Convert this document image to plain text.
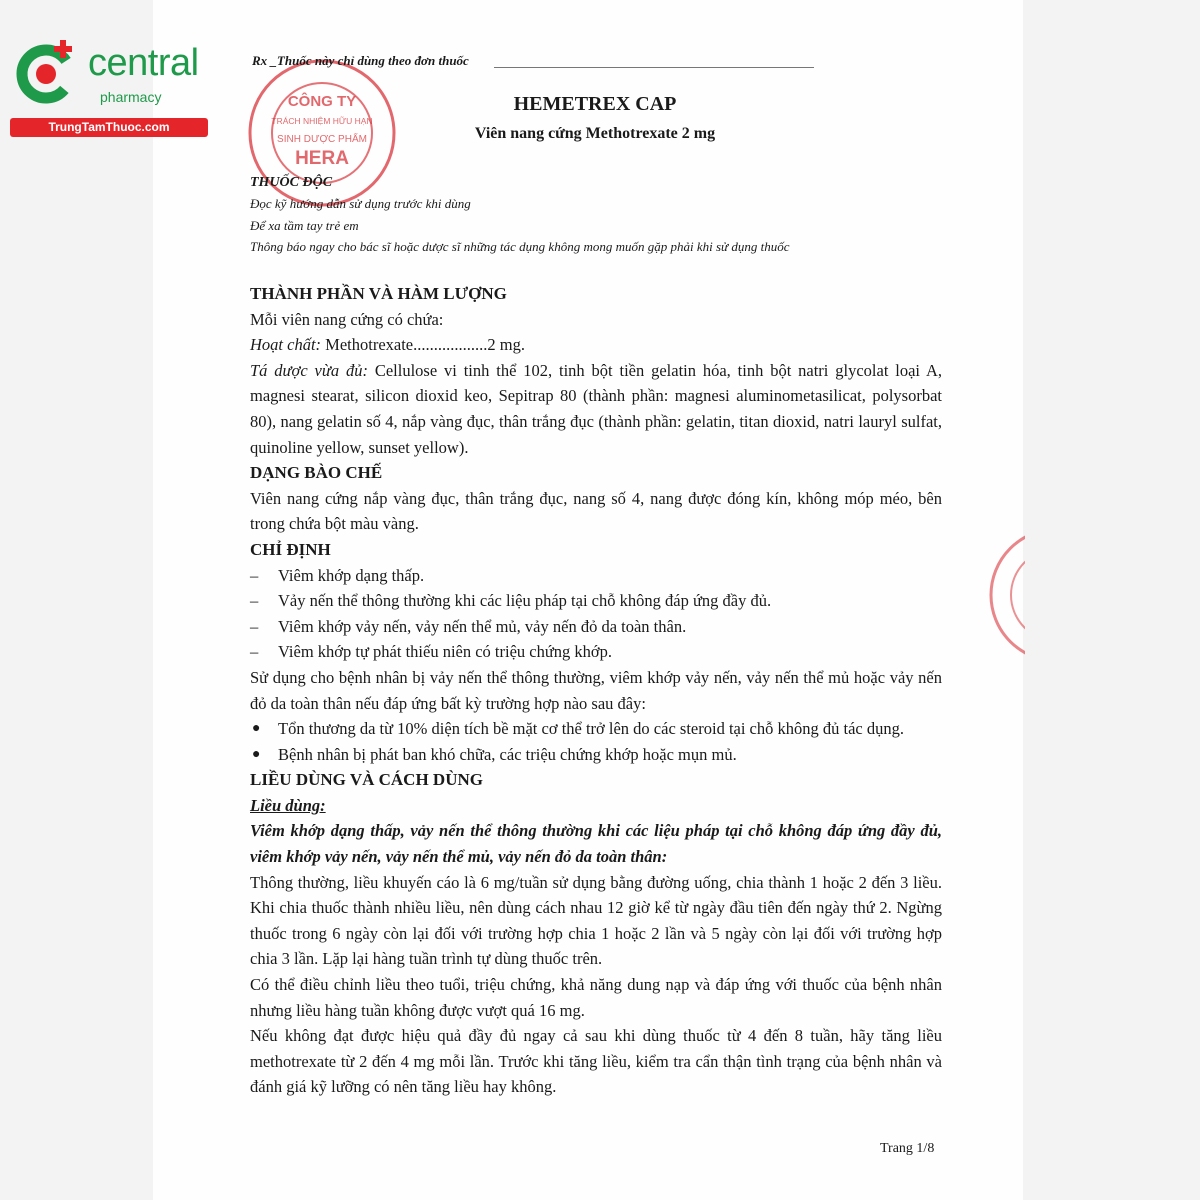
central
pharmacy
TrungTamThuoc.com
CÔNG TY
TRÁCH NHIỆM HỮU HẠN
SINH DƯỢC PHẨM
HERA
Rx _Thuốc này chỉ dùng theo đơn thuốc
HEMETREX CAP
Viên nang cứng Methotrexate 2 mg
THUỐC ĐỘC
Đọc kỹ hướng dẫn sử dụng trước khi dùng
Để xa tầm tay trẻ em
Thông báo ngay cho bác sĩ hoặc dược sĩ những tác dụng không mong muốn gặp phải khi sử dụng thuốc

THÀNH PHẦN VÀ HÀM LƯỢNG

Mỗi viên nang cứng có chứa:

Hoạt chất: Methotrexate..................2 mg.

Tá dược vừa đủ: Cellulose vi tinh thể 102, tinh bột tiền gelatin hóa, tinh bột natri glycolat loại A, magnesi stearat, silicon dioxid keo, Sepitrap 80 (thành phần: magnesi aluminometasilicat, polysorbat 80), nang gelatin số 4, nắp vàng đục, thân trắng đục (thành phần: gelatin, titan dioxid, natri lauryl sulfat, quinoline yellow, sunset yellow).

DẠNG BÀO CHẾ

Viên nang cứng nắp vàng đục, thân trắng đục, nang số 4, nang được đóng kín, không móp méo, bên trong chứa bột màu vàng.

CHỈ ĐỊNH

– Viêm khớp dạng thấp.

– Vảy nến thể thông thường khi các liệu pháp tại chỗ không đáp ứng đầy đủ.

– Viêm khớp vảy nến, vảy nến thể mủ, vảy nến đỏ da toàn thân.

– Viêm khớp tự phát thiếu niên có triệu chứng khớp.

Sử dụng cho bệnh nhân bị vảy nến thể thông thường, viêm khớp vảy nến, vảy nến thể mủ hoặc vảy nến đỏ da toàn thân nếu đáp ứng bất kỳ trường hợp nào sau đây:

● Tổn thương da từ 10% diện tích bề mặt cơ thể trở lên do các steroid tại chỗ không đủ tác dụng.

● Bệnh nhân bị phát ban khó chữa, các triệu chứng khớp hoặc mụn mủ.

LIỀU DÙNG VÀ CÁCH DÙNG

Liều dùng:

Viêm khớp dạng thấp, vảy nến thể thông thường khi các liệu pháp tại chỗ không đáp ứng đầy đủ, viêm khớp vảy nến, vảy nến thể mủ, vảy nến đỏ da toàn thân:

Thông thường, liều khuyến cáo là 6 mg/tuần sử dụng bằng đường uống, chia thành 1 hoặc 2 đến 3 liều. Khi chia thuốc thành nhiều liều, nên dùng cách nhau 12 giờ kể từ ngày đầu tiên đến ngày thứ 2. Ngừng thuốc trong 6 ngày còn lại đối với trường hợp chia 1 hoặc 2 lần và 5 ngày còn lại đối với trường hợp chia 3 lần. Lặp lại hàng tuần trình tự dùng thuốc trên.

Có thể điều chỉnh liều theo tuổi, triệu chứng, khả năng dung nạp và đáp ứng với thuốc của bệnh nhân nhưng liều hàng tuần không được vượt quá 16 mg.

Nếu không đạt được hiệu quả đầy đủ ngay cả sau khi dùng thuốc từ 4 đến 8 tuần, hãy tăng liều methotrexate từ 2 đến 4 mg mỗi lần. Trước khi tăng liều, kiểm tra cẩn thận tình trạng của bệnh nhân và đánh giá kỹ lưỡng có nên tăng liều hay không.

Trang 1/8
